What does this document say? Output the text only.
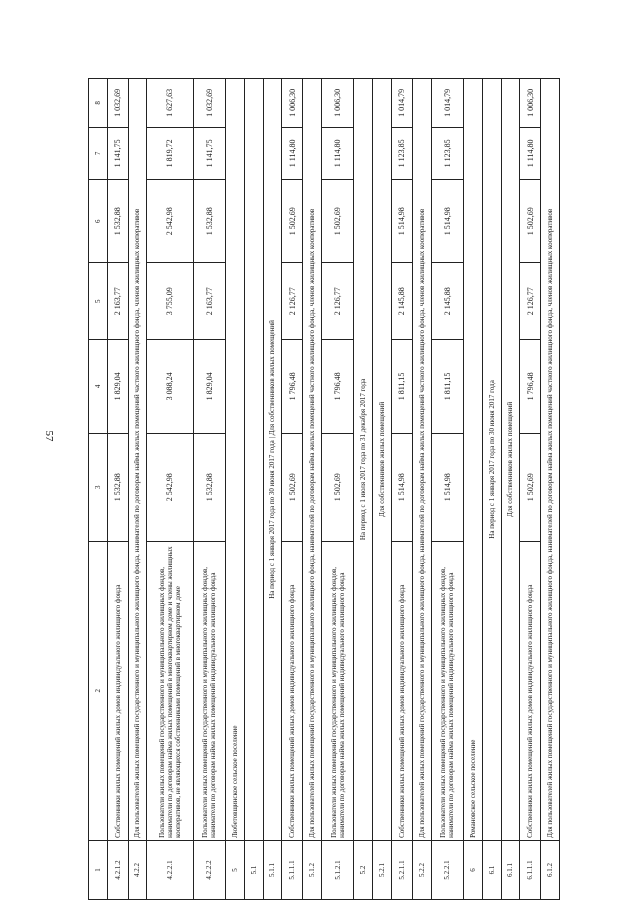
57
1	2	3	4	5	6	7	8
4.2.1.2	Собственники жилых помещений жилых домов индивидуального жилищного фонда	1 532,88	1 829,04	2 163,77	1 532,88	1 141,75	1 032,69
4.2.2	Для пользователей жилых помещений государственного и муниципального жилищного фонда, нанимателей по договорам найма жилых помещений частного жилищного фонда, членов жилищных кооперативов						
4.2.2.1	Пользователи жилых помещений государственного и муниципального жилищных фондов, наниматели по договорам найма жилых помещений в многоквартирном доме и члены жилищных кооперативов, не являющихся собственниками помещений в многоквартирном доме	2 542,98	3 088,24	3 755,09	2 542,98	1 819,72	1 627,63
4.2.2.2	Пользователи жилых помещений государственного и муниципального жилищных фондов, наниматели по договорам найма жилых помещений индивидуального жилищного фонда	1 532,88	1 829,04	2 163,77	1 532,88	1 141,75	1 032,69
5	Любетовщинское сельское поселение						
5.1							
5.1.1	На период с 1 января 2017 года по 30 июня 2017 года | Для собственников жилых помещений						
5.1.1.1	Собственники жилых помещений жилых домов индивидуального жилищного фонда	1 502,69	1 796,48	2 126,77	1 502,69	1 114,80	1 006,30
5.1.2	Для пользователей жилых помещений государственного и муниципального жилищного фонда, нанимателей по договорам найма жилых помещений частного жилищного фонда, членов жилищных кооперативов						
5.1.2.1	Пользователи жилых помещений государственного и муниципального жилищных фондов, наниматели по договорам найма жилых помещений индивидуального жилищного фонда	1 502,69	1 796,48	2 126,77	1 502,69	1 114,80	1 006,30
5.2	На период с 1 июля 2017 года по 31 декабря 2017 года						
5.2.1	Для собственников жилых помещений						
5.2.1.1	Собственники жилых помещений жилых домов индивидуального жилищного фонда	1 514,98	1 811,15	2 145,88	1 514,98	1 123,85	1 014,79
5.2.2	Для пользователей жилых помещений государственного и муниципального жилищного фонда, нанимателей по договорам найма жилых помещений частного жилищного фонда, членов жилищных кооперативов						
5.2.2.1	Пользователи жилых помещений государственного и муниципального жилищных фондов, наниматели по договорам найма жилых помещений индивидуального жилищного фонда	1 514,98	1 811,15	2 145,88	1 514,98	1 123,85	1 014,79
6	Романовское сельское поселение						
6.1	На период с 1 января 2017 года по 30 июня 2017 года						
6.1.1	Для собственников жилых помещений						
6.1.1.1	Собственники жилых помещений жилых домов индивидуального жилищного фонда	1 502,69	1 796,48	2 126,77	1 502,69	1 114,80	1 006,30
6.1.2	Для пользователей жилых помещений государственного и муниципального жилищного фонда, нанимателей по договорам найма жилых помещений частного жилищного фонда, членов жилищных кооперативов						
